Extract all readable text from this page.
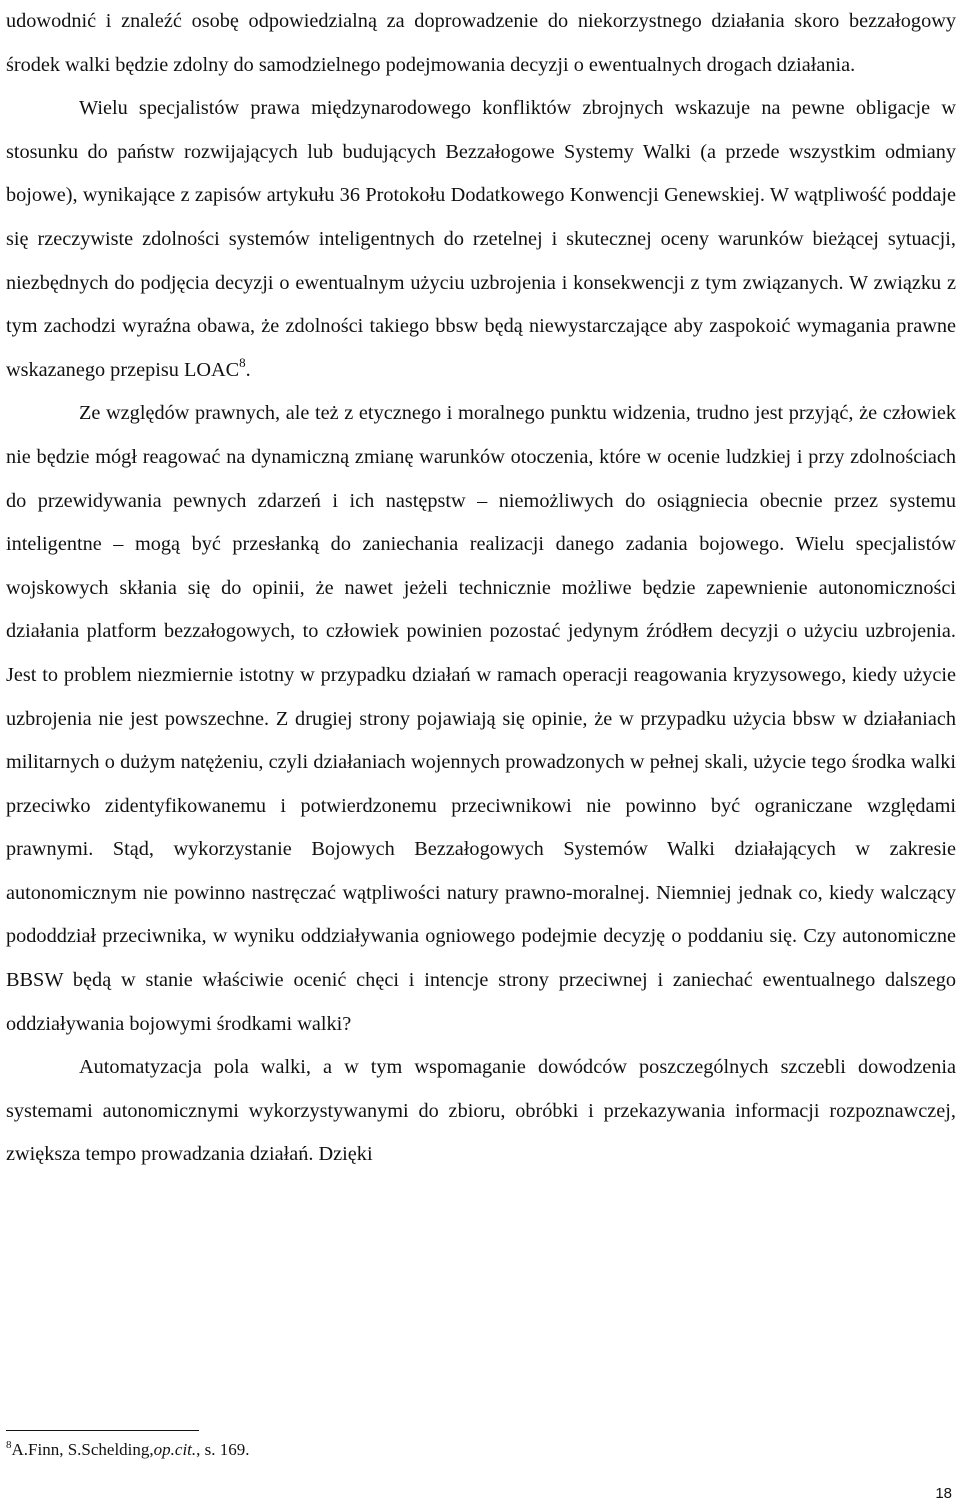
udowodnić i znaleźć osobę odpowiedzialną za doprowadzenie do niekorzystnego działania skoro bezzałogowy środek walki będzie zdolny do samodzielnego podejmowania decyzji o ewentualnych drogach działania.

Wielu specjalistów prawa międzynarodowego konfliktów zbrojnych wskazuje na pewne obligacje w stosunku do państw rozwijających lub budujących Bezzałogowe Systemy Walki (a przede wszystkim odmiany bojowe), wynikające z zapisów artykułu 36 Protokołu Dodatkowego Konwencji Genewskiej. W wątpliwość poddaje się rzeczywiste zdolności systemów inteligentnych do rzetelnej i skutecznej oceny warunków bieżącej sytuacji, niezbędnych do podjęcia decyzji o ewentualnym użyciu uzbrojenia i konsekwencji z tym związanych. W związku z tym zachodzi wyraźna obawa, że zdolności takiego bbsw będą niewystarczające aby zaspokoić wymagania prawne wskazanego przepisu LOAC$^8$.

Ze względów prawnych, ale też z etycznego i moralnego punktu widzenia, trudno jest przyjąć, że człowiek nie będzie mógł reagować na dynamiczną zmianę warunków otoczenia, które w ocenie ludzkiej i przy zdolnościach do przewidywania pewnych zdarzeń i ich następstw – niemożliwych do osiągniecia obecnie przez systemu inteligentne – mogą być przesłanką do zaniechania realizacji danego zadania bojowego. Wielu specjalistów wojskowych skłania się do opinii, że nawet jeżeli technicznie możliwe będzie zapewnienie autonomiczności działania platform bezzałogowych, to człowiek powinien pozostać jedynym źródłem decyzji o użyciu uzbrojenia. Jest to problem niezmiernie istotny w przypadku działań w ramach operacji reagowania kryzysowego, kiedy użycie uzbrojenia nie jest powszechne. Z drugiej strony pojawiają się opinie, że w przypadku użycia bbsw w działaniach militarnych o dużym natężeniu, czyli działaniach wojennych prowadzonych w pełnej skali, użycie tego środka walki przeciwko zidentyfikowanemu i potwierdzonemu przeciwnikowi nie powinno być ograniczane względami prawnymi. Stąd, wykorzystanie Bojowych Bezzałogowych Systemów Walki działających w zakresie autonomicznym nie powinno nastręczać wątpliwości natury prawno-moralnej. Niemniej jednak co, kiedy walczący pododdział przeciwnika, w wyniku oddziaływania ogniowego podejmie decyzję o poddaniu się. Czy autonomiczne BBSW będą w stanie właściwie ocenić chęci i intencje strony przeciwnej i zaniechać ewentualnego dalszego oddziaływania bojowymi środkami walki?

Automatyzacja pola walki, a w tym wspomaganie dowódców poszczególnych szczebli dowodzenia systemami autonomicznymi wykorzystywanymi do zbioru, obróbki i przekazywania informacji rozpoznawczej, zwiększa tempo prowadzania działań. Dzięki

$^8$A.Finn, S.Schelding,op.cit., s. 169.
18
